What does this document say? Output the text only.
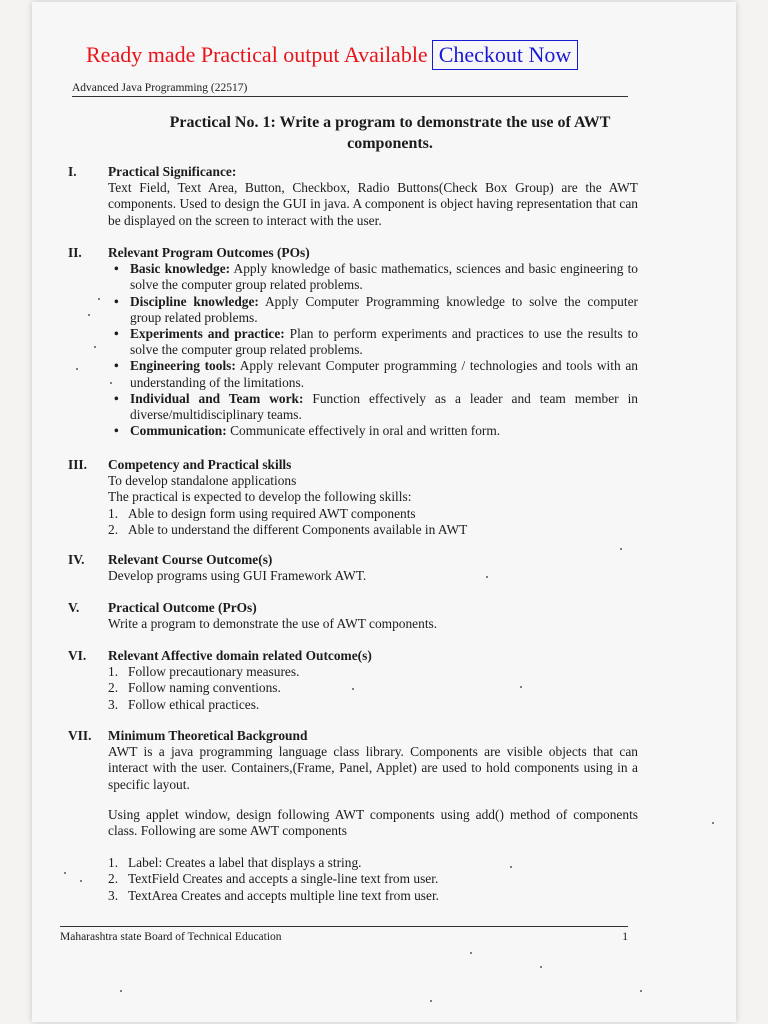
Ready made Practical output Available Checkout Now
Advanced Java Programming (22517)
Practical No. 1: Write a program to demonstrate the use of AWT components.
I.	Practical Significance:
Text Field, Text Area, Button, Checkbox, Radio Buttons(Check Box Group) are the AWT components. Used to design the GUI in java. A component is object having representation that can be displayed on the screen to interact with the user.
II.	Relevant Program Outcomes (POs)
• Basic knowledge: Apply knowledge of basic mathematics, sciences and basic engineering to solve the computer group related problems.
• Discipline knowledge: Apply Computer Programming knowledge to solve the computer group related problems.
• Experiments and practice: Plan to perform experiments and practices to use the results to solve the computer group related problems.
• Engineering tools: Apply relevant Computer programming / technologies and tools with an understanding of the limitations.
• Individual and Team work: Function effectively as a leader and team member in diverse/multidisciplinary teams.
• Communication: Communicate effectively in oral and written form.
III.	Competency and Practical skills
To develop standalone applications
The practical is expected to develop the following skills:
1. Able to design form using required AWT components
2. Able to understand the different Components available in AWT
IV.	Relevant Course Outcome(s)
Develop programs using GUI Framework AWT.
V.	Practical Outcome (PrOs)
Write a program to demonstrate the use of AWT components.
VI.	Relevant Affective domain related Outcome(s)
1. Follow precautionary measures.
2. Follow naming conventions.
3. Follow ethical practices.
VII.	Minimum Theoretical Background
AWT is a java programming language class library. Components are visible objects that can interact with the user. Containers,(Frame, Panel, Applet) are used to hold components using in a specific layout.
Using applet window, design following AWT components using add() method of components class. Following are some AWT components
1. Label: Creates a label that displays a string.
2. TextField Creates and accepts a single-line text from user.
3. TextArea Creates and accepts multiple line text from user.
Maharashtra state Board of Technical Education	1
